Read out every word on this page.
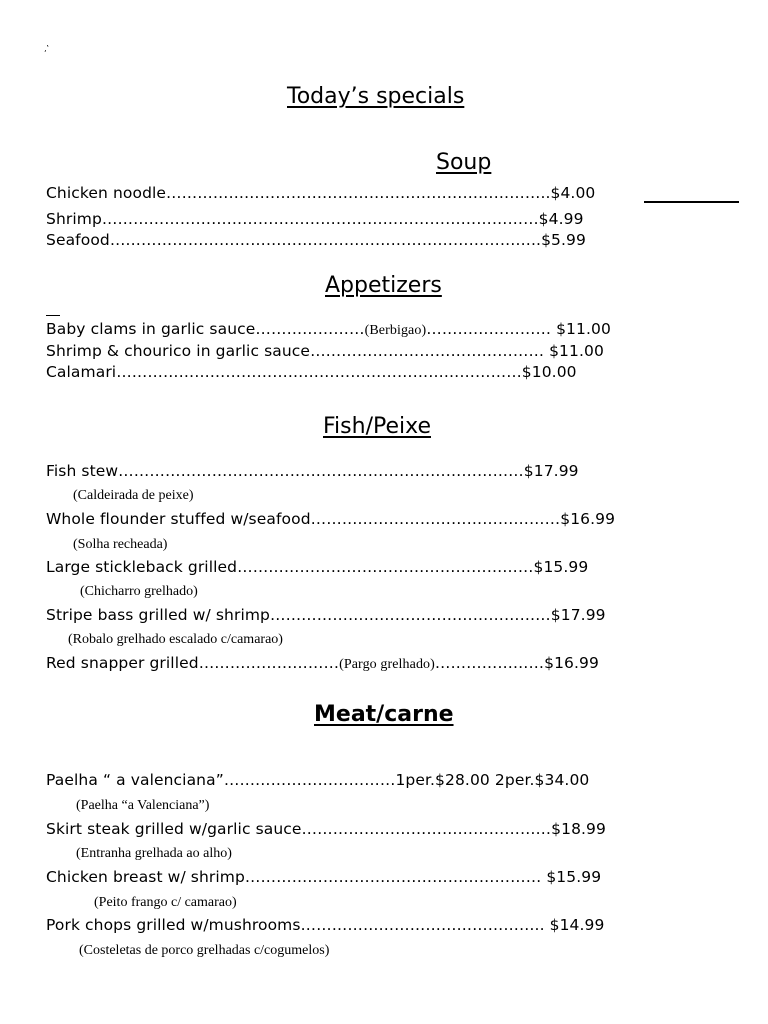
‚‛
Today’s specials
Soup
Chicken noodle………………………………………………………………..$4.00
Shrimp…………………………………………………………………………$4.99
Seafood………………………………………………………………………..$5.99
Appetizers
Baby clams in garlic sauce…………………(Berbigao)…………………… $11.00
Shrimp & chourico in garlic sauce……………………………………… $11.00
Calamari……………………………………………………………………$10.00
Fish/Peixe
Fish stew……………………………………………………………………$17.99
(Caldeirada de peixe)
Whole flounder stuffed w/seafood…………………………………………$16.99
(Solha recheada)
Large stickleback grilled…………………………………………………$15.99
(Chicharro grelhado)
Stripe bass grilled w/ shrimp………………………………………………$17.99
(Robalo grelhado escalado c/camarao)
Red snapper grilled………………………(Pargo grelhado)…………………$16.99
Meat/carne
Paelha “ a valenciana”……………………………1per.$28.00 2per.$34.00
(Paelha “a Valenciana”)
Skirt steak grilled w/garlic sauce…………………………………………$18.99
(Entranha grelhada ao alho)
Chicken breast w/ shrimp………………………………………………… $15.99
(Peito frango c/ camarao)
Pork chops grilled w/mushrooms……………………………………….. $14.99
(Costeletas de porco grelhadas c/cogumelos)
